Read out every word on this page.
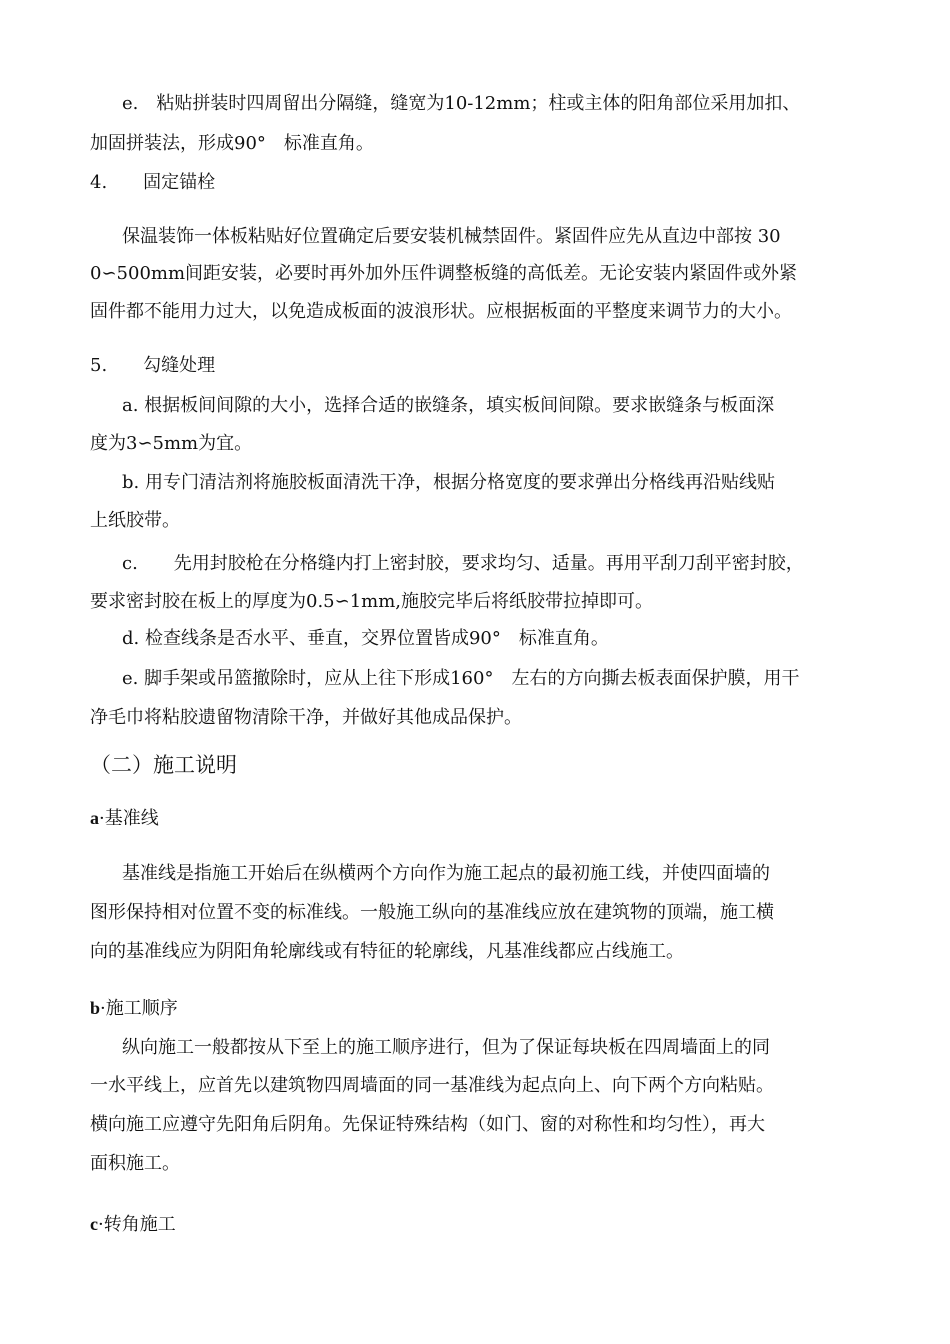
e.　粘贴拼装时四周留出分隔缝，缝宽为10-12mm；柱或主体的阳角部位采用加扣、
加固拼装法，形成90°　标准直角。
4.　　固定锚栓
保温装饰一体板粘贴好位置确定后要安装机械禁固件。紧固件应先从直边中部按 30
0∽500mm间距安装，必要时再外加外压件调整板缝的高低差。无论安装内紧固件或外紧
固件都不能用力过大，以免造成板面的波浪形状。应根据板面的平整度来调节力的大小。
5.　　勾缝处理
a. 根据板间间隙的大小，选择合适的嵌缝条，填实板间间隙。要求嵌缝条与板面深
度为3∽5mm为宜。
b. 用专门清洁剂将施胶板面清洗干净，根据分格宽度的要求弹出分格线再沿贴线贴
上纸胶带。
c.　　先用封胶枪在分格缝内打上密封胶，要求均匀、适量。再用平刮刀刮平密封胶，
要求密封胶在板上的厚度为0.5∽1mm,施胶完毕后将纸胶带拉掉即可。
d. 检查线条是否水平、垂直，交界位置皆成90°　标准直角。
e. 脚手架或吊篮撤除时，应从上往下形成160°　左右的方向撕去板表面保护膜，用干
净毛巾将粘胶遗留物清除干净，并做好其他成品保护。
（二）施工说明
a·基准线
基准线是指施工开始后在纵横两个方向作为施工起点的最初施工线，并使四面墙的
图形保持相对位置不变的标准线。一般施工纵向的基准线应放在建筑物的顶端，施工横
向的基准线应为阴阳角轮廓线或有特征的轮廓线，凡基准线都应占线施工。
b·施工顺序
纵向施工一般都按从下至上的施工顺序进行，但为了保证每块板在四周墙面上的同
一水平线上，应首先以建筑物四周墙面的同一基准线为起点向上、向下两个方向粘贴。
横向施工应遵守先阳角后阴角。先保证特殊结构（如门、窗的对称性和均匀性），再大
面积施工。
c·转角施工
